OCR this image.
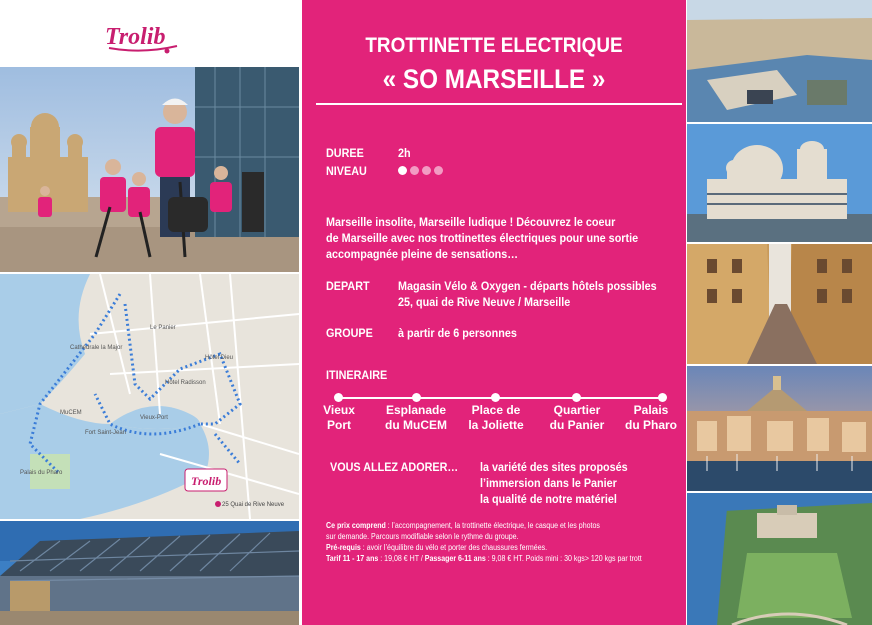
Trolib
Cathédrale la Major
Le Panier
Hôtel Dieu
MuCEM
Fort Saint-Jean
Palais du Pharo
Vieux-Port
Hôtel Radisson
Trolib
25 Quai de Rive Neuve
TROTTINETTE ELECTRIQUE
« SO MARSEILLE »
DUREE	2h
NIVEAU
Marseille insolite, Marseille ludique ! Découvrez le coeur
de Marseille avec nos trottinettes électriques pour une sortie
accompagnée pleine de sensations…
DEPART Magasin Vélo & Oxygen - départs hôtels possibles
25, quai de Rive Neuve / Marseille
GROUPE à partir de 6 personnes
ITINERAIRE
Vieux
Port
Esplanade
du MuCEM
Place de
la Joliette
Quartier
du Panier
Palais
du Pharo
VOUS ALLEZ ADORER… la variété des sites proposés
l’immersion dans le Panier
la qualité de notre matériel
Ce prix comprend : l’accompagnement, la trottinette électrique, le casque et les photos
sur demande. Parcours modifiable selon le rythme du groupe.
Pré-requis : avoir l’équilibre du vélo et porter des chaussures fermées.
Tarif 11 - 17 ans : 19,08 € HT / Passager 6-11 ans : 9,08 € HT. Poids mini : 30 kgs> 120 kgs par trott
